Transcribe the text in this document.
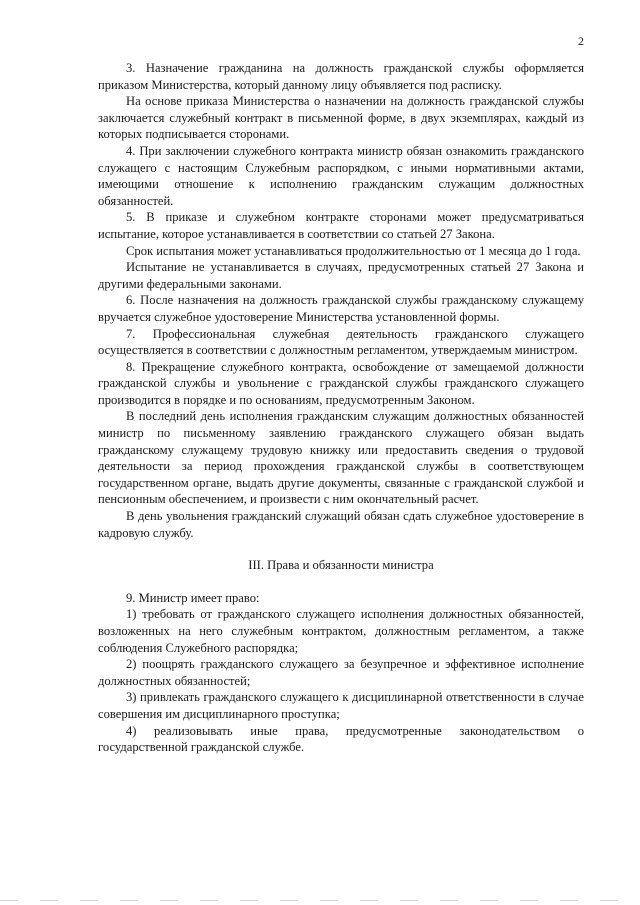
2

3. Назначение гражданина на должность гражданской службы оформляется приказом Министерства, который данному лицу объявляется под расписку.

На основе приказа Министерства о назначении на должность гражданской службы заключается служебный контракт в письменной форме, в двух экземплярах, каждый из которых подписывается сторонами.

4. При заключении служебного контракта министр обязан ознакомить гражданского служащего с настоящим Служебным распорядком, с иными нормативными актами, имеющими отношение к исполнению гражданским служащим должностных обязанностей.

5. В приказе и служебном контракте сторонами может предусматриваться испытание, которое устанавливается в соответствии со статьей 27 Закона.

Срок испытания может устанавливаться продолжительностью от 1 месяца до 1 года.

Испытание не устанавливается в случаях, предусмотренных статьей 27 Закона и другими федеральными законами.

6. После назначения на должность гражданской службы гражданскому служащему вручается служебное удостоверение Министерства установленной формы.

7. Профессиональная служебная деятельность гражданского служащего осуществляется в соответствии с должностным регламентом, утверждаемым министром.

8. Прекращение служебного контракта, освобождение от замещаемой должности гражданской службы и увольнение с гражданской службы гражданского служащего производится в порядке и по основаниям, предусмотренным Законом.

В последний день исполнения гражданским служащим должностных обязанностей министр по письменному заявлению гражданского служащего обязан выдать гражданскому служащему трудовую книжку или предоставить сведения о трудовой деятельности за период прохождения гражданской службы в соответствующем государственном органе, выдать другие документы, связанные с гражданской службой и пенсионным обеспечением, и произвести с ним окончательный расчет.

В день увольнения гражданский служащий обязан сдать служебное удостоверение в кадровую службу.

III. Права и обязанности министра

9. Министр имеет право:

1) требовать от гражданского служащего исполнения должностных обязанностей, возложенных на него служебным контрактом, должностным регламентом, а также соблюдения Служебного распорядка;

2) поощрять гражданского служащего за безупречное и эффективное исполнение должностных обязанностей;

3) привлекать гражданского служащего к дисциплинарной ответственности в случае совершения им дисциплинарного проступка;

4) реализовывать иные права, предусмотренные законодательством о государственной гражданской службе.
